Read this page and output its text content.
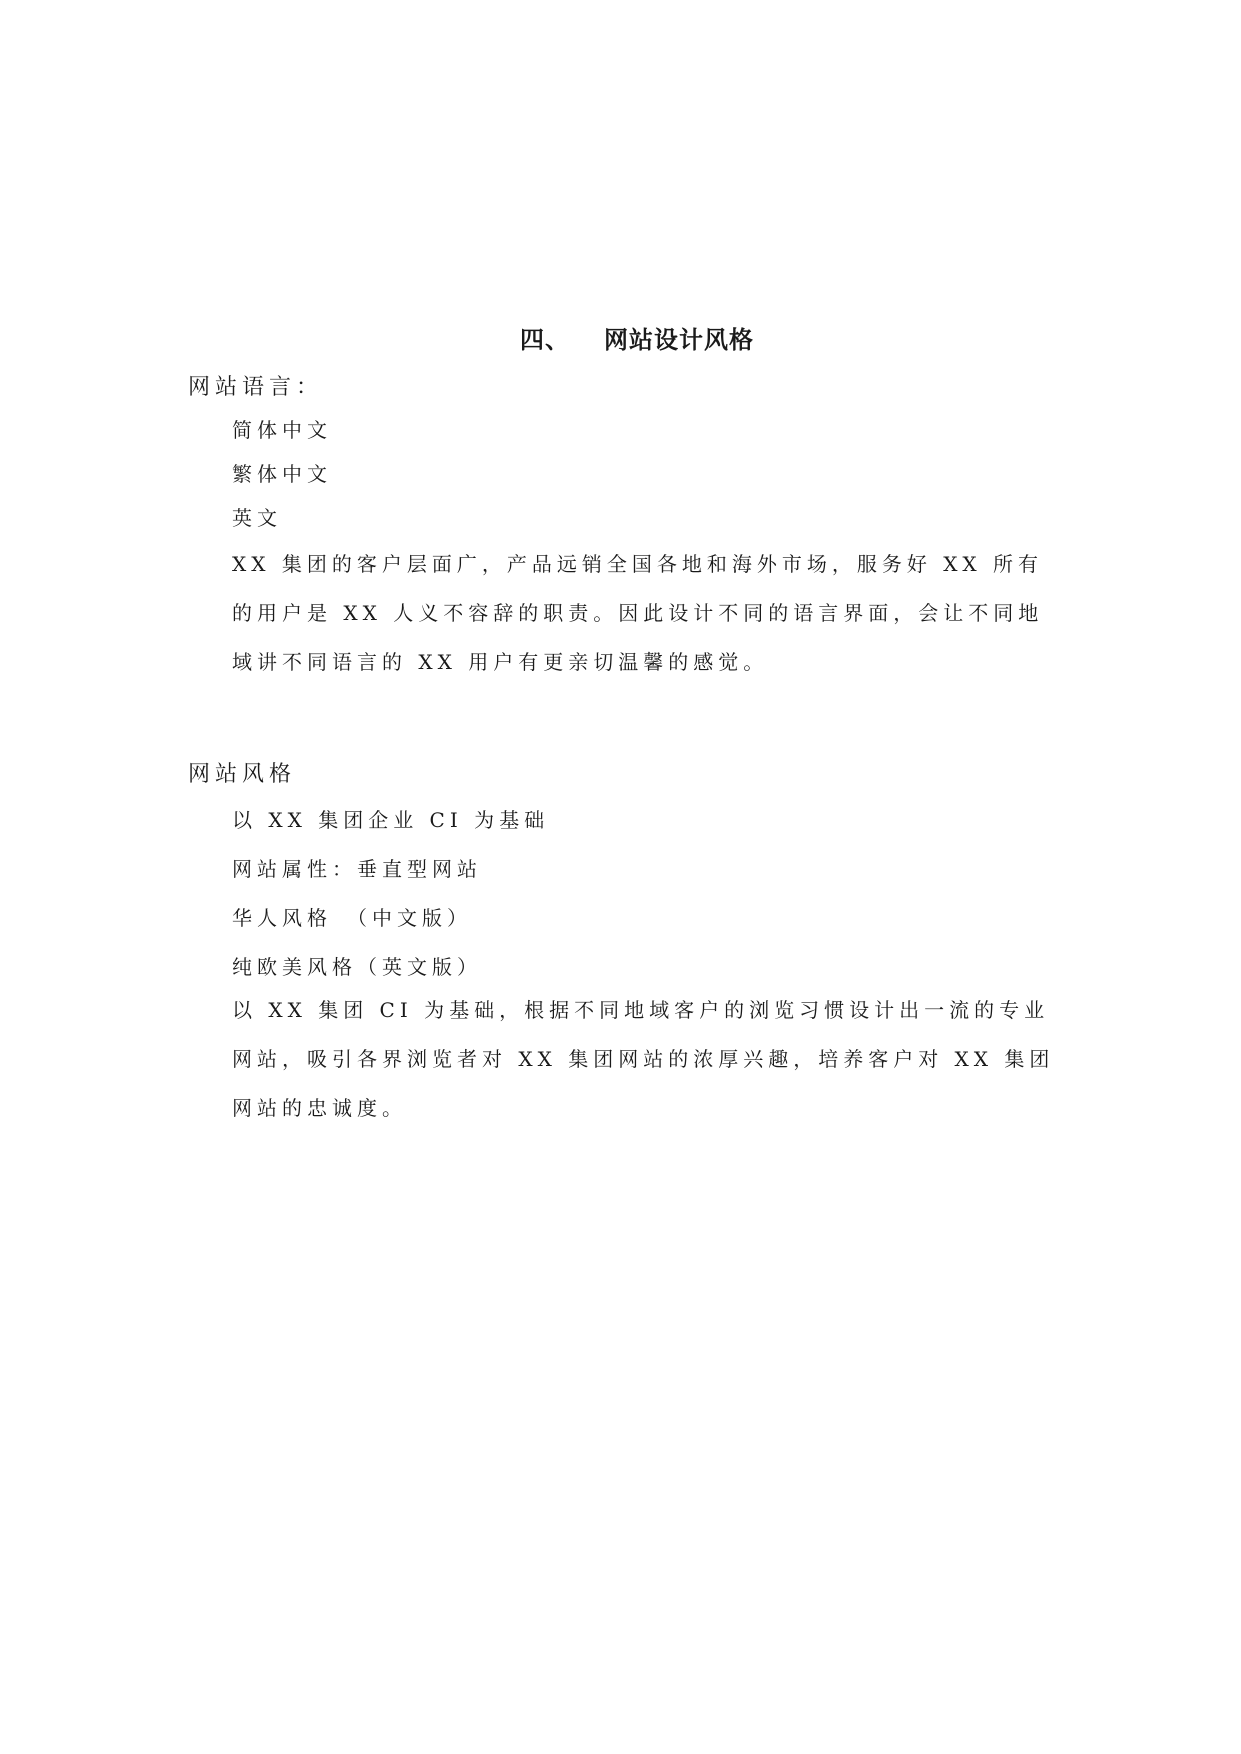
四、 网站设计风格
网站语言：
简体中文
繁体中文
英文
XX 集团的客户层面广，产品远销全国各地和海外市场，服务好 XX 所有
的用户是 XX 人义不容辞的职责。因此设计不同的语言界面，会让不同地
域讲不同语言的 XX 用户有更亲切温馨的感觉。
网站风格
以 XX 集团企业 CI 为基础
网站属性：垂直型网站
华人风格　（中文版）
纯欧美风格（英文版）
以 XX 集团 CI 为基础，根据不同地域客户的浏览习惯设计出一流的专业
网站，吸引各界浏览者对 XX 集团网站的浓厚兴趣，培养客户对 XX 集团
网站的忠诚度。
